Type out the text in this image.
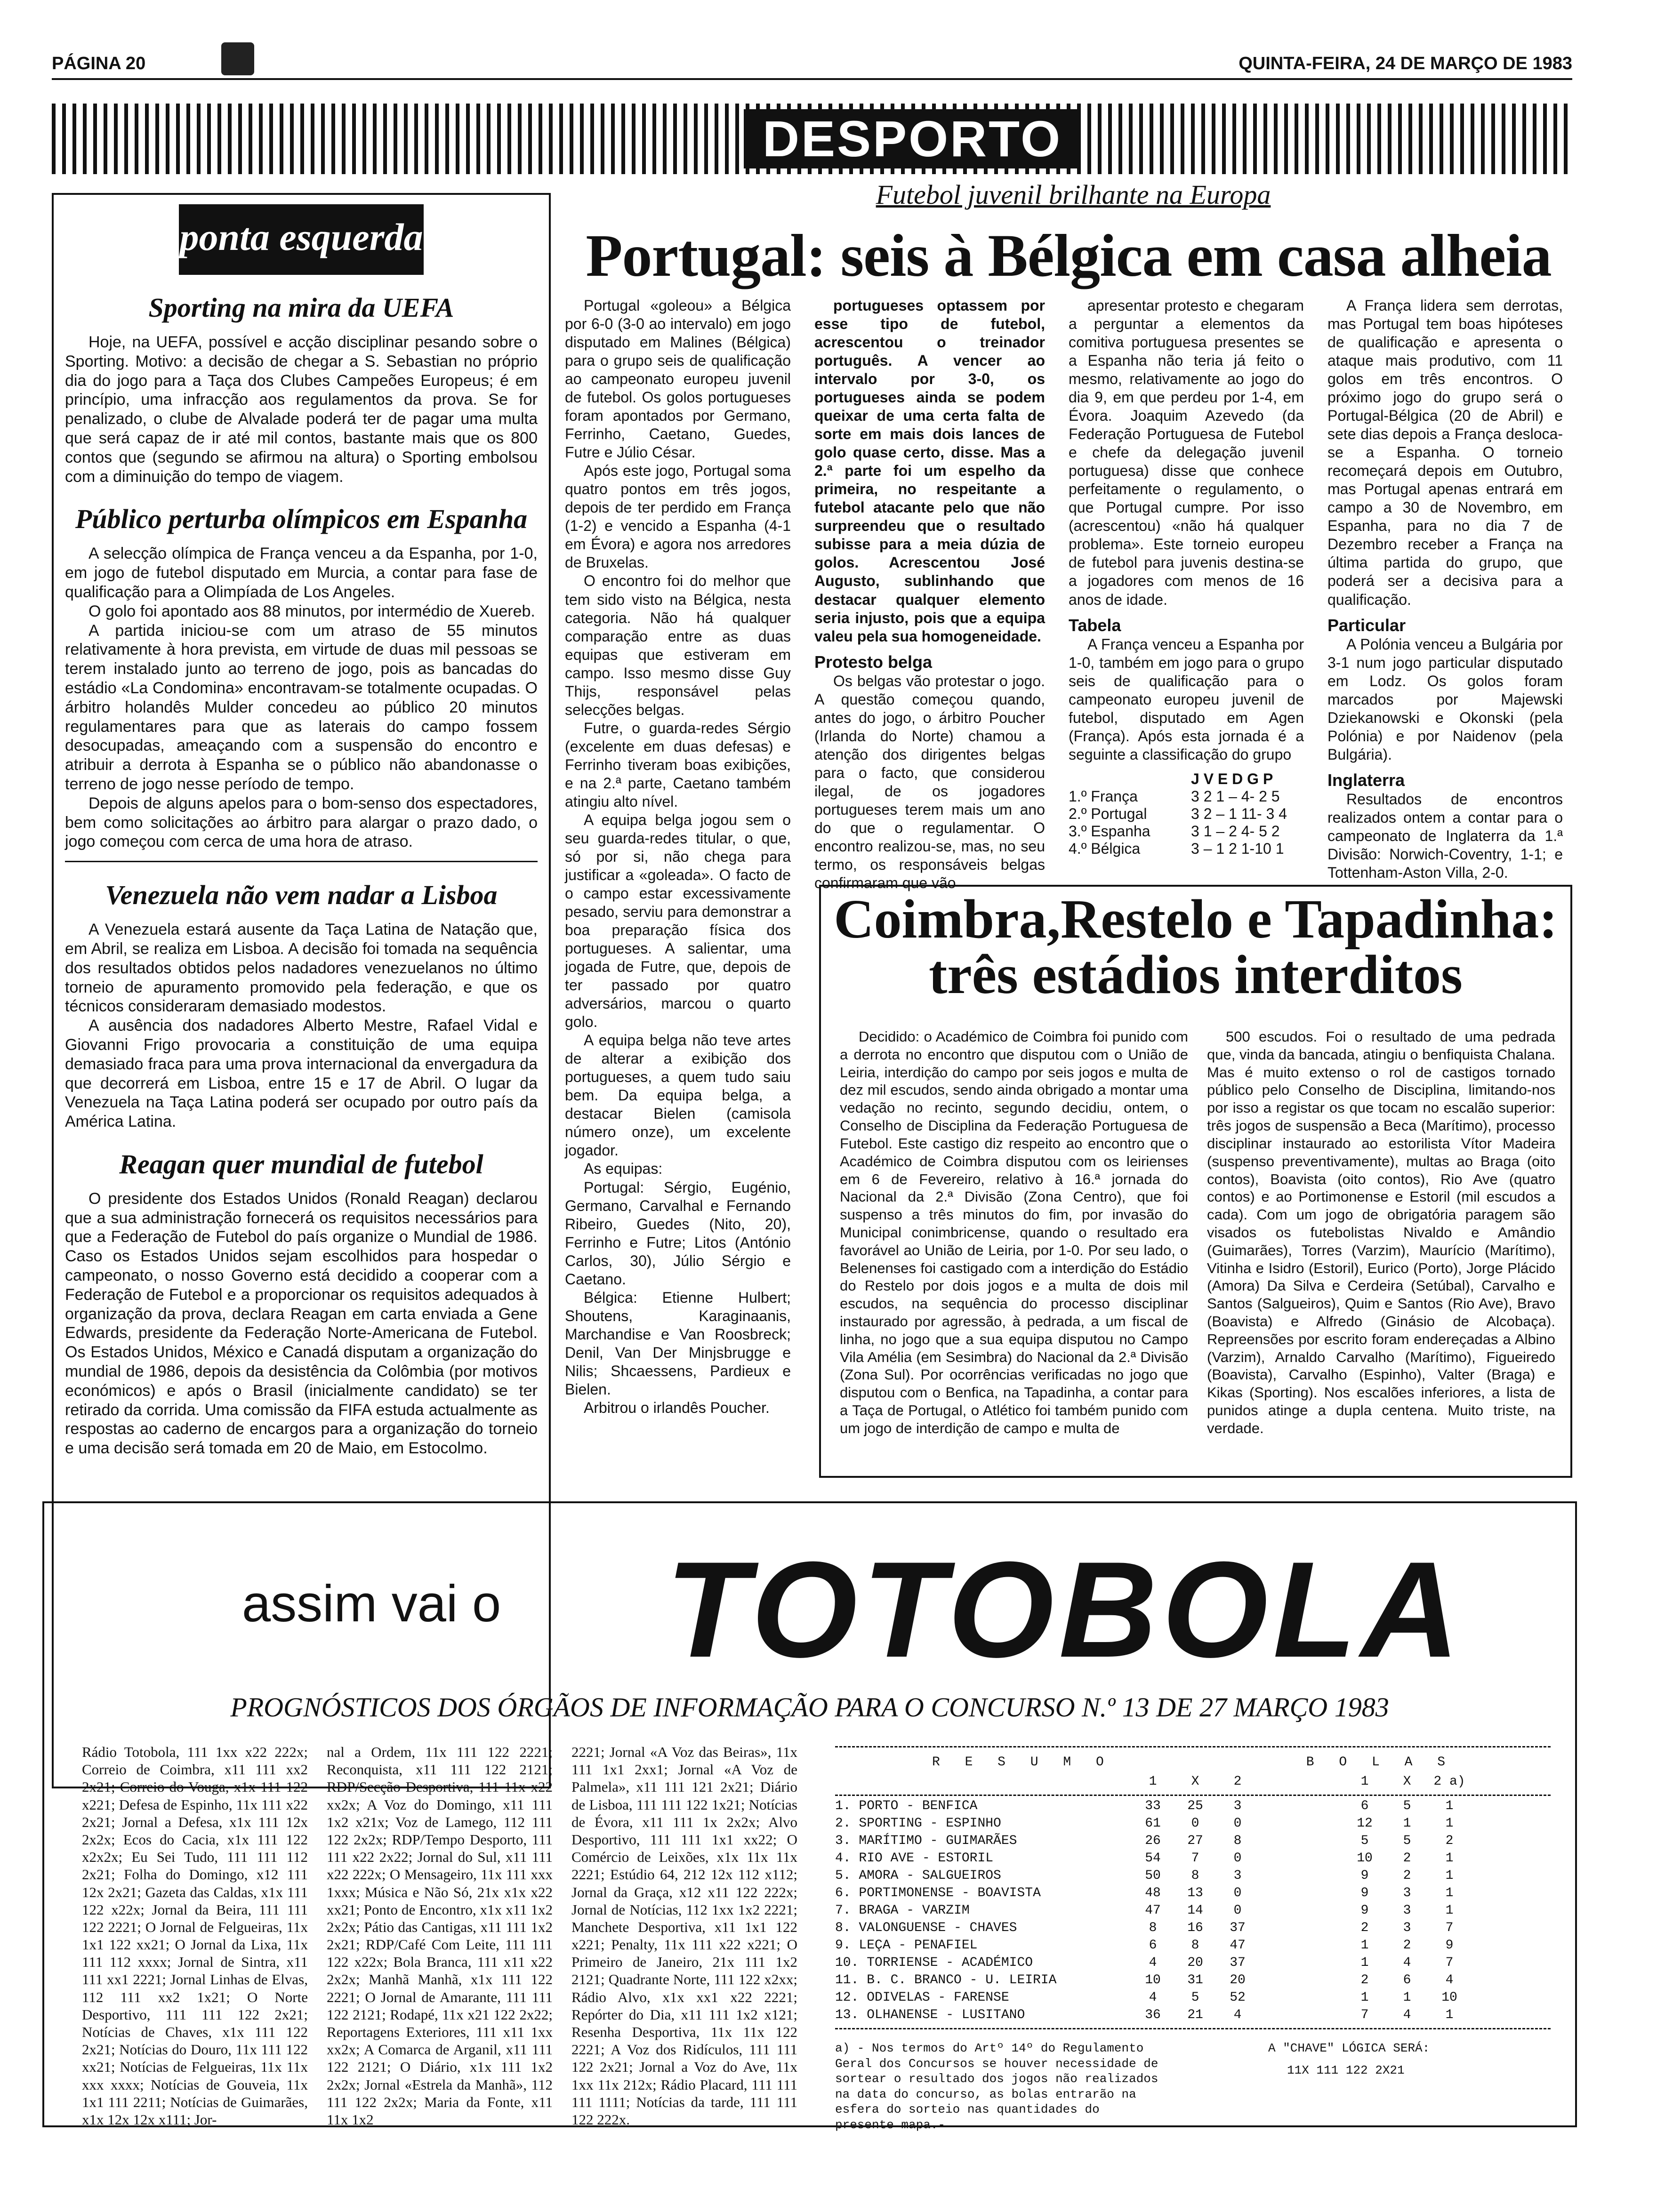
PÁGINA 20	QUINTA-FEIRA, 24 DE MARÇO DE 1983
DESPORTO
ponta esquerda
Sporting na mira da UEFA

Hoje, na UEFA, possível e acção disciplinar pesando sobre o Sporting. Motivo: a decisão de chegar a S. Sebastian no próprio dia do jogo para a Taça dos Clubes Campeões Europeus; é em princípio, uma infracção aos regulamentos da prova. Se for penalizado, o clube de Alvalade poderá ter de pagar uma multa que será capaz de ir até mil contos, bastante mais que os 800 contos que (segundo se afirmou na altura) o Sporting embolsou com a diminuição do tempo de viagem.

Público perturba olímpicos em Espanha

A selecção olímpica de França venceu a da Espanha, por 1-0, em jogo de futebol disputado em Murcia, a contar para fase de qualificação para a Olimpíada de Los Angeles.

O golo foi apontado aos 88 minutos, por intermédio de Xuereb.

A partida iniciou-se com um atraso de 55 minutos relativamente à hora prevista, em virtude de duas mil pessoas se terem instalado junto ao terreno de jogo, pois as bancadas do estádio «La Condomina» encontravam-se totalmente ocupadas. O árbitro holandês Mulder concedeu ao público 20 minutos regulamentares para que as laterais do campo fossem desocupadas, ameaçando com a suspensão do encontro e atribuir a derrota à Espanha se o público não abandonasse o terreno de jogo nesse período de tempo.

Depois de alguns apelos para o bom-senso dos espectadores, bem como solicitações ao árbitro para alargar o prazo dado, o jogo começou com cerca de uma hora de atraso.

Venezuela não vem nadar a Lisboa

A Venezuela estará ausente da Taça Latina de Natação que, em Abril, se realiza em Lisboa. A decisão foi tomada na sequência dos resultados obtidos pelos nadadores venezuelanos no último torneio de apuramento promovido pela federação, e que os técnicos consideraram demasiado modestos.

A ausência dos nadadores Alberto Mestre, Rafael Vidal e Giovanni Frigo provocaria a constituição de uma equipa demasiado fraca para uma prova internacional da envergadura da que decorrerá em Lisboa, entre 15 e 17 de Abril. O lugar da Venezuela na Taça Latina poderá ser ocupado por outro país da América Latina.

Reagan quer mundial de futebol

O presidente dos Estados Unidos (Ronald Reagan) declarou que a sua administração fornecerá os requisitos necessários para que a Federação de Futebol do país organize o Mundial de 1986. Caso os Estados Unidos sejam escolhidos para hospedar o campeonato, o nosso Governo está decidido a cooperar com a Federação de Futebol e a proporcionar os requisitos adequados à organização da prova, declara Reagan em carta enviada a Gene Edwards, presidente da Federação Norte-Americana de Futebol. Os Estados Unidos, México e Canadá disputam a organização do mundial de 1986, depois da desistência da Colômbia (por motivos económicos) e após o Brasil (inicialmente candidato) se ter retirado da corrida. Uma comissão da FIFA estuda actualmente as respostas ao caderno de encargos para a organização do torneio e uma decisão será tomada em 20 de Maio, em Estocolmo.

Futebol juvenil brilhante na Europa
Portugal: seis à Bélgica em casa alheia

Portugal «goleou» a Bélgica por 6-0 (3-0 ao intervalo) em jogo disputado em Malines (Bélgica) para o grupo seis de qualificação ao campeonato europeu juvenil de futebol. Os golos portugueses foram apontados por Germano, Ferrinho, Caetano, Guedes, Futre e Júlio César.

Após este jogo, Portugal soma quatro pontos em três jogos, depois de ter perdido em França (1-2) e vencido a Espanha (4-1 em Évora) e agora nos arredores de Bruxelas.

O encontro foi do melhor que tem sido visto na Bélgica, nesta categoria. Não há qualquer comparação entre as duas equipas que estiveram em campo. Isso mesmo disse Guy Thijs, responsável pelas selecções belgas.

Futre, o guarda-redes Sérgio (excelente em duas defesas) e Ferrinho tiveram boas exibições, e na 2.ª parte, Caetano também atingiu alto nível.

A equipa belga jogou sem o seu guarda-redes titular, o que, só por si, não chega para justificar a «goleada». O facto de o campo estar excessivamente pesado, serviu para demonstrar a boa preparação física dos portugueses. A salientar, uma jogada de Futre, que, depois de ter passado por quatro adversários, marcou o quarto golo.

A equipa belga não teve artes de alterar a exibição dos portugueses, a quem tudo saiu bem. Da equipa belga, a destacar Bielen (camisola número onze), um excelente jogador.

As equipas:

Portugal: Sérgio, Eugénio, Germano, Carvalhal e Fernando Ribeiro, Guedes (Nito, 20), Ferrinho e Futre; Litos (António Carlos, 30), Júlio Sérgio e Caetano.

Bélgica: Etienne Hulbert; Shoutens, Karaginaanis, Marchandise e Van Roosbreck; Denil, Van Der Minjsbrugge e Nilis; Shcaessens, Pardieux e Bielen.

Arbitrou o irlandês Poucher.

portugueses optassem por esse tipo de futebol, acrescentou o treinador português. A vencer ao intervalo por 3-0, os portugueses ainda se podem queixar de uma certa falta de sorte em mais dois lances de golo quase certo, disse. Mas a 2.ª parte foi um espelho da primeira, no respeitante a futebol atacante pelo que não surpreendeu que o resultado subisse para a meia dúzia de golos. Acrescentou José Augusto, sublinhando que destacar qualquer elemento seria injusto, pois que a equipa valeu pela sua homogeneidade.

Protesto belga

Os belgas vão protestar o jogo. A questão começou quando, antes do jogo, o árbitro Poucher (Irlanda do Norte) chamou a atenção dos dirigentes belgas para o facto, que considerou ilegal, de os jogadores portugueses terem mais um ano do que o regulamentar. O encontro realizou-se, mas, no seu termo, os responsáveis belgas confirmaram que vão

apresentar protesto e chegaram a perguntar a elementos da comitiva portuguesa presentes se a Espanha não teria já feito o mesmo, relativamente ao jogo do dia 9, em que perdeu por 1-4, em Évora. Joaquim Azevedo (da Federação Portuguesa de Futebol e chefe da delegação juvenil portuguesa) disse que conhece perfeitamente o regulamento, o que Portugal cumpre. Por isso (acrescentou) «não há qualquer problema». Este torneio europeu de futebol para juvenis destina-se a jogadores com menos de 16 anos de idade.

Tabela

A França venceu a Espanha por 1-0, também em jogo para o grupo seis de qualificação para o campeonato europeu juvenil de futebol, disputado em Agen (França). Após esta jornada é a seguinte a classificação do grupo

J V E D G P
1.º França	3 2 1 – 4- 2 5
2.º Portugal	3 2 – 1 11- 3 4
3.º Espanha	3 1 – 2 4- 5 2
4.º Bélgica	3 – 1 2 1-10 1

A França lidera sem derrotas, mas Portugal tem boas hipóteses de qualificação e apresenta o ataque mais produtivo, com 11 golos em três encontros. O próximo jogo do grupo será o Portugal-Bélgica (20 de Abril) e sete dias depois a França desloca-se a Espanha. O torneio recomeçará depois em Outubro, mas Portugal apenas entrará em campo a 30 de Novembro, em Espanha, para no dia 7 de Dezembro receber a França na última partida do grupo, que poderá ser a decisiva para a qualificação.

Particular

A Polónia venceu a Bulgária por 3-1 num jogo particular disputado em Lodz. Os golos foram marcados por Majewski Dziekanowski e Okonski (pela Polónia) e por Naidenov (pela Bulgária).

Inglaterra

Resultados de encontros realizados ontem a contar para o campeonato de Inglaterra da 1.ª Divisão: Norwich-Coventry, 1-1; e Tottenham-Aston Villa, 2-0.

Coimbra,Restelo e Tapadinha:
três estádios interditos

Decidido: o Académico de Coimbra foi punido com a derrota no encontro que disputou com o União de Leiria, interdição do campo por seis jogos e multa de dez mil escudos, sendo ainda obrigado a montar uma vedação no recinto, segundo decidiu, ontem, o Conselho de Disciplina da Federação Portuguesa de Futebol. Este castigo diz respeito ao encontro que o Académico de Coimbra disputou com os leirienses em 6 de Fevereiro, relativo à 16.ª jornada do Nacional da 2.ª Divisão (Zona Centro), que foi suspenso a três minutos do fim, por invasão do Municipal conimbricense, quando o resultado era favorável ao União de Leiria, por 1-0. Por seu lado, o Belenenses foi castigado com a interdição do Estádio do Restelo por dois jogos e a multa de dois mil escudos, na sequência do processo disciplinar instaurado por agressão, à pedrada, a um fiscal de linha, no jogo que a sua equipa disputou no Campo Vila Amélia (em Sesimbra) do Nacional da 2.ª Divisão (Zona Sul). Por ocorrências verificadas no jogo que disputou com o Benfica, na Tapadinha, a contar para a Taça de Portugal, o Atlético foi também punido com um jogo de interdição de campo e multa de

500 escudos. Foi o resultado de uma pedrada que, vinda da bancada, atingiu o benfiquista Chalana. Mas é muito extenso o rol de castigos tornado público pelo Conselho de Disciplina, limitando-nos por isso a registar os que tocam no escalão superior: três jogos de suspensão a Beca (Marítimo), processo disciplinar instaurado ao estorilista Vítor Madeira (suspenso preventivamente), multas ao Braga (oito contos), Boavista (oito contos), Rio Ave (quatro contos) e ao Portimonense e Estoril (mil escudos a cada). Com um jogo de obrigatória paragem são visados os futebolistas Nivaldo e Amândio (Guimarães), Torres (Varzim), Maurício (Marítimo), Vitinha e Isidro (Estoril), Eurico (Porto), Jorge Plácido (Amora) Da Silva e Cerdeira (Setúbal), Carvalho e Santos (Salgueiros), Quim e Santos (Rio Ave), Bravo (Boavista) e Alfredo (Ginásio de Alcobaça). Repreensões por escrito foram endereçadas a Albino (Varzim), Arnaldo Carvalho (Marítimo), Figueiredo (Boavista), Carvalho (Espinho), Valter (Braga) e Kikas (Sporting). Nos escalões inferiores, a lista de punidos atinge a dupla centena. Muito triste, na verdade.

assim vai o TOTOBOLA
PROGNÓSTICOS DOS ÓRGÃOS DE INFORMAÇÃO PARA O CONCURSO N.º 13 DE 27 MARÇO 1983
Rádio Totobola, 111 1xx x22 222x; Correio de Coimbra, x11 111 xx2 2x21; Correio do Vouga, x1x 111 122 x221; Defesa de Espinho, 11x 111 x22 2x21; Jornal a Defesa, x1x 111 12x 2x2x; Ecos do Cacia, x1x 111 122 x2x2x; Eu Sei Tudo, 111 111 112 2x21; Folha do Domingo, x12 111 12x 2x21; Gazeta das Caldas, x1x 111 122 x22x; Jornal da Beira, 111 111 122 2221; O Jornal de Felgueiras, 11x 1x1 122 xx21; O Jornal da Lixa, 11x 111 112 xxxx; Jornal de Sintra, x11 111 xx1 2221; Jornal Linhas de Elvas, 112 111 xx2 1x21; O Norte Desportivo, 111 111 122 2x21; Notícias de Chaves, x1x 111 122 2x21; Notícias do Douro, 11x 111 122 xx21; Notícias de Felgueiras, 11x 11x xxx xxxx; Notícias de Gouveia, 11x 1x1 111 2211; Notícias de Guimarães, x1x 12x 12x x111; Jor-
nal a Ordem, 11x 111 122 2221; Reconquista, x11 111 122 2121; RDP/Secção Desportiva, 111 11x x22 xx2x; A Voz do Domingo, x11 111 1x2 x21x; Voz de Lamego, 112 111 122 2x2x; RDP/Tempo Desporto, 111 111 x22 2x22; Jornal do Sul, x11 111 x22 222x; O Mensageiro, 11x 111 xxx 1xxx; Música e Não Só, 21x x1x x22 xx21; Ponto de Encontro, x1x x11 1x2 2x2x; Pátio das Cantigas, x11 111 1x2 2x21; RDP/Café Com Leite, 111 111 122 x22x; Bola Branca, 111 x11 x22 2x2x; Manhã Manhã, x1x 111 122 2221; O Jornal de Amarante, 111 111 122 2121; Rodapé, 11x x21 122 2x22; Reportagens Exteriores, 111 x11 1xx xx2x; A Comarca de Arganil, x11 111 122 2121; O Diário, x1x 111 1x2 2x2x; Jornal «Estrela da Manhã», 112 111 122 2x2x; Maria da Fonte, x11 11x 1x2
2221; Jornal «A Voz das Beiras», 11x 111 1x1 2xx1; Jornal «A Voz de Palmela», x11 111 121 2x21; Diário de Lisboa, 111 111 122 1x21; Notícias de Évora, x11 111 1x 2x2x; Alvo Desportivo, 111 111 1x1 xx22; O Comércio de Leixões, x1x 11x 11x 2221; Estúdio 64, 212 12x 112 x112; Jornal da Graça, x12 x11 122 222x; Jornal de Notícias, 112 1xx 1x2 2221; Manchete Desportiva, x11 1x1 122 x221; Penalty, 11x 111 x22 x221; O Primeiro de Janeiro, 21x 111 1x2 2121; Quadrante Norte, 111 122 x2xx; Rádio Alvo, x1x xx1 x22 2221; Repórter do Dia, x11 111 1x2 x121; Resenha Desportiva, 11x 11x 122 2221; A Voz dos Ridículos, 111 111 122 2x21; Jornal a Voz do Ave, 11x 1xx 11x 212x; Rádio Placard, 111 111 111 1111; Notícias da tarde, 111 111 122 222x.
R E S U M O	B O L A S
1	X	2	1	X	2 a)
1. PORTO - BENFICA	33	25	3	6	5	1
2. SPORTING - ESPINHO	61	0	0	12	1	1
3. MARÍTIMO - GUIMARÃES	26	27	8	5	5	2
4. RIO AVE - ESTORIL	54	7	0	10	2	1
5. AMORA - SALGUEIROS	50	8	3	9	2	1
6. PORTIMONENSE - BOAVISTA	48	13	0	9	3	1
7. BRAGA - VARZIM	47	14	0	9	3	1
8. VALONGUENSE - CHAVES	8	16	37	2	3	7
9. LEÇA - PENAFIEL	6	8	47	1	2	9
10. TORRIENSE - ACADÉMICO	4	20	37	1	4	7
11. B. C. BRANCO - U. LEIRIA	10	31	20	2	6	4
12. ODIVELAS - FARENSE	4	5	52	1	1	10
13. OLHANENSE - LUSITANO	36	21	4	7	4	1
a) - Nos termos do Artº 14º do Regulamento Geral dos Concursos se houver necessidade de sortear o resultado dos jogos não realizados na data do concurso, as bolas entrarão na esfera do sorteio nas quantidades do presente mapa.-
A "CHAVE" LÓGICA SERÁ:
11X 111 122 2X21
